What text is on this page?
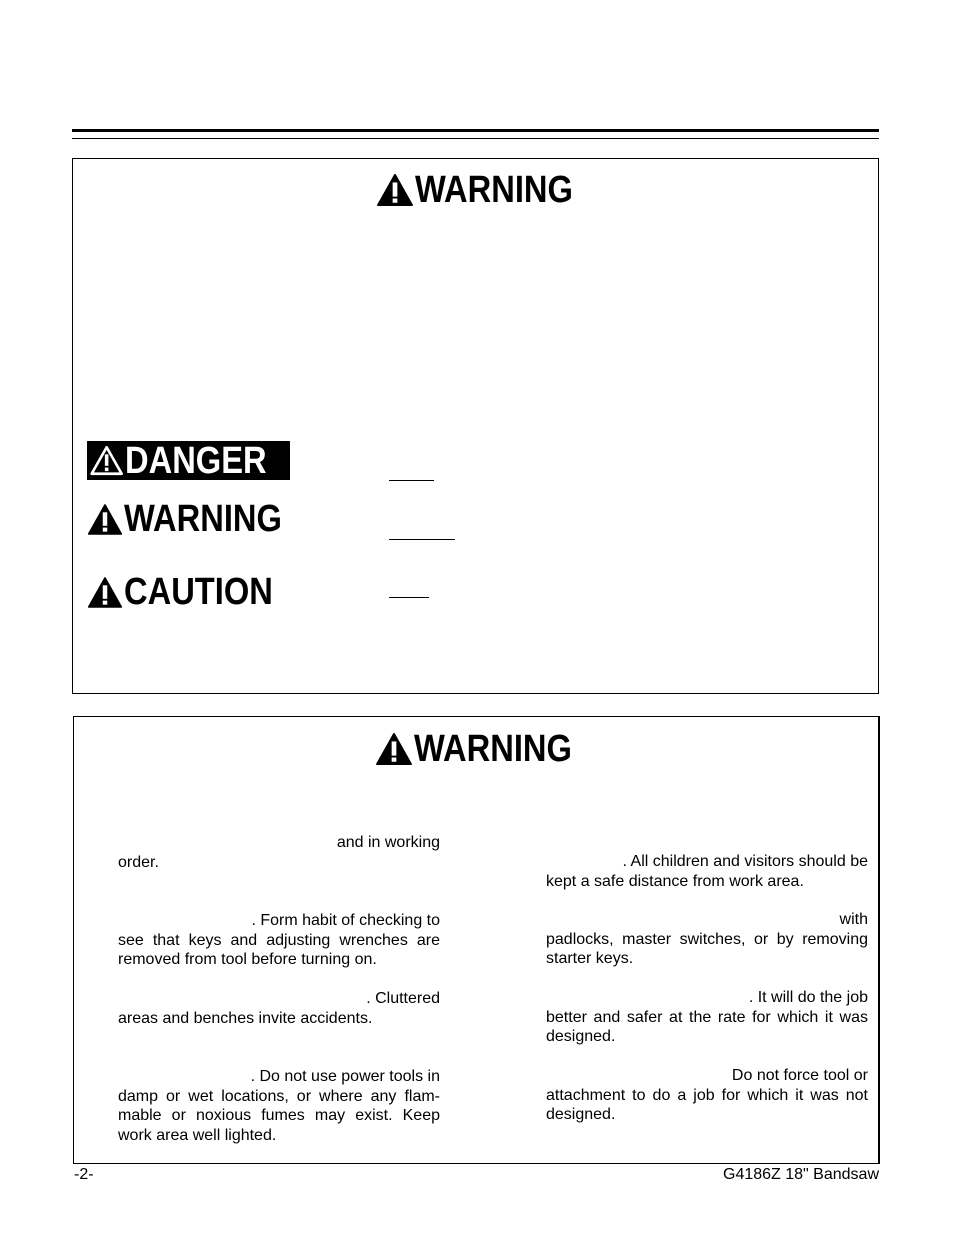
WARNING
DANGER
WARNING
CAUTION
WARNING
and in working
order.
. Form habit of checking to
see that keys and adjusting wrenches are
removed from tool before turning on.
. Cluttered
areas and benches invite accidents.
. Do not use power tools in
damp or wet locations, or where any flam-
mable or noxious fumes may exist. Keep
work area well lighted.
. All children and visitors should be
kept a safe distance from work area.
with
padlocks, master switches, or by removing
starter keys.
. It will do the job
better and safer at the rate for which it was
designed.
Do not force tool or
attachment to do a job for which it was not
designed.
-2-	G4186Z 18" Bandsaw
